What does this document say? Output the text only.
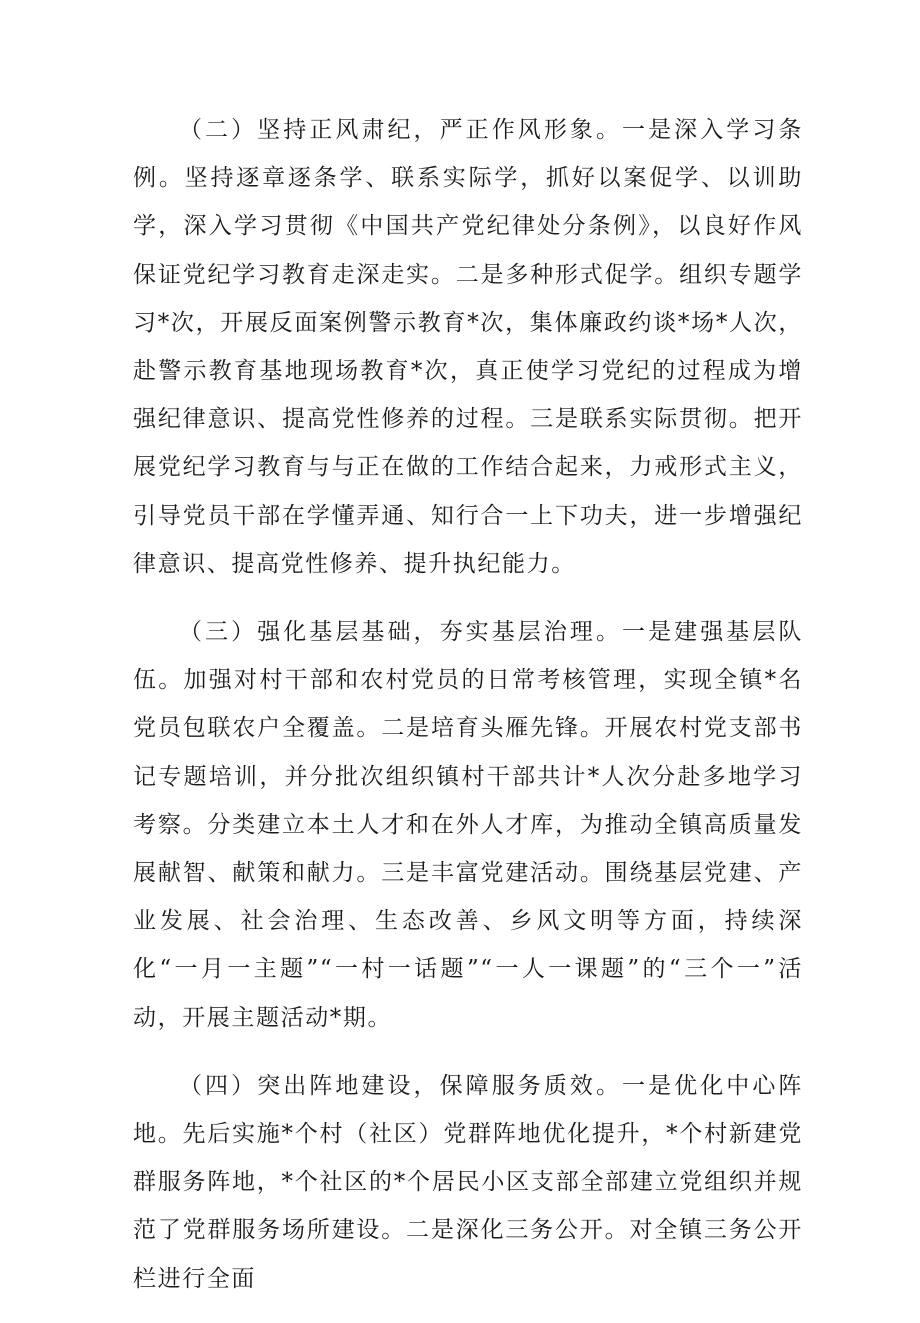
（二）坚持正风肃纪，严正作风形象。一是深入学习条例。坚持逐章逐条学、联系实际学，抓好以案促学、以训助学，深入学习贯彻《中国共产党纪律处分条例》，以良好作风保证党纪学习教育走深走实。二是多种形式促学。组织专题学习*次，开展反面案例警示教育*次，集体廉政约谈*场*人次，赴警示教育基地现场教育*次，真正使学习党纪的过程成为增强纪律意识、提高党性修养的过程。三是联系实际贯彻。把开展党纪学习教育与与正在做的工作结合起来，力戒形式主义，引导党员干部在学懂弄通、知行合一上下功夫，进一步增强纪律意识、提高党性修养、提升执纪能力。

（三）强化基层基础，夯实基层治理。一是建强基层队伍。加强对村干部和农村党员的日常考核管理，实现全镇*名党员包联农户全覆盖。二是培育头雁先锋。开展农村党支部书记专题培训，并分批次组织镇村干部共计*人次分赴多地学习考察。分类建立本土人才和在外人才库，为推动全镇高质量发展献智、献策和献力。三是丰富党建活动。围绕基层党建、产业发展、社会治理、生态改善、乡风文明等方面，持续深化“一月一主题”“一村一话题”“一人一课题”的“三个一”活动，开展主题活动*期。

（四）突出阵地建设，保障服务质效。一是优化中心阵地。先后实施*个村（社区）党群阵地优化提升，*个村新建党群服务阵地，*个社区的*个居民小区支部全部建立党组织并规范了党群服务场所建设。二是深化三务公开。对全镇三务公开栏进行全面
